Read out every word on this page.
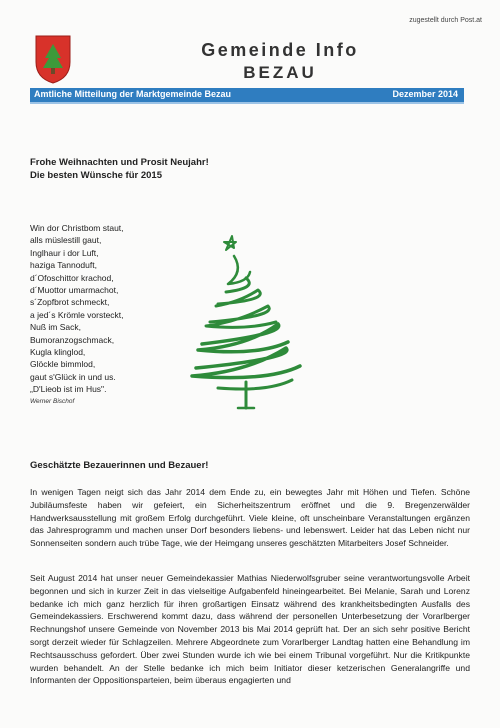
zugestellt durch Post.at
Gemeinde Info
BEZAU
Amtliche Mitteilung der Marktgemeinde Bezau	Dezember 2014
Frohe Weihnachten und Prosit Neujahr!
Die besten Wünsche für 2015
Win dor Christbom staut,
alls müslestill gaut,
Inglhaur i dor Luft,
haziga Tannoduft,
d´Ofoschittor krachod,
d´Muottor umarmachot,
s´Zopfbrot schmeckt,
a jed´s Krömle vorsteckt,
Nuß im Sack,
Bumoranzogschmack,
Kugla klinglod,
Glöckle bimmlod,
gaut s'Glück in und us.
„D'Lieob ist im Hus".
Werner Bischof
Geschätzte Bezauerinnen und Bezauer!
In wenigen Tagen neigt sich das Jahr 2014 dem Ende zu, ein bewegtes Jahr mit Höhen und Tiefen. Schöne Jubiläumsfeste haben wir gefeiert, ein Sicherheitszentrum eröffnet und die 9. Bregenzerwälder Handwerksausstellung mit großem Erfolg durchgeführt. Viele kleine, oft unscheinbare Veranstaltungen ergänzen das Jahresprogramm und machen unser Dorf besonders liebens- und lebenswert. Leider hat das Leben nicht nur Sonnenseiten sondern auch trübe Tage, wie der Heimgang unseres geschätzten Mitarbeiters Josef Schneider.
Seit August 2014 hat unser neuer Gemeindekassier Mathias Niederwolfsgruber seine verantwortungsvolle Arbeit begonnen und sich in kurzer Zeit in das vielseitige Aufgabenfeld hineingearbeitet. Bei Melanie, Sarah und Lorenz bedanke ich mich ganz herzlich für ihren großartigen Einsatz während des krankheitsbedingten Ausfalls des Gemeindekassiers. Erschwerend kommt dazu, dass während der personellen Unterbesetzung der Vorarlberger Rechnungshof unsere Gemeinde von November 2013 bis Mai 2014 geprüft hat. Der an sich sehr positive Bericht sorgt derzeit wieder für Schlagzeilen. Mehrere Abgeordnete zum Vorarlberger Landtag hatten eine Behandlung im Rechtsausschuss gefordert. Über zwei Stunden wurde ich wie bei einem Tribunal vorgeführt. Nur die Kritikpunkte wurden behandelt. An der Stelle bedanke ich mich beim Initiator dieser ketzerischen Generalangriffe und Informanten der Oppositionsparteien, beim überaus engagierten und
